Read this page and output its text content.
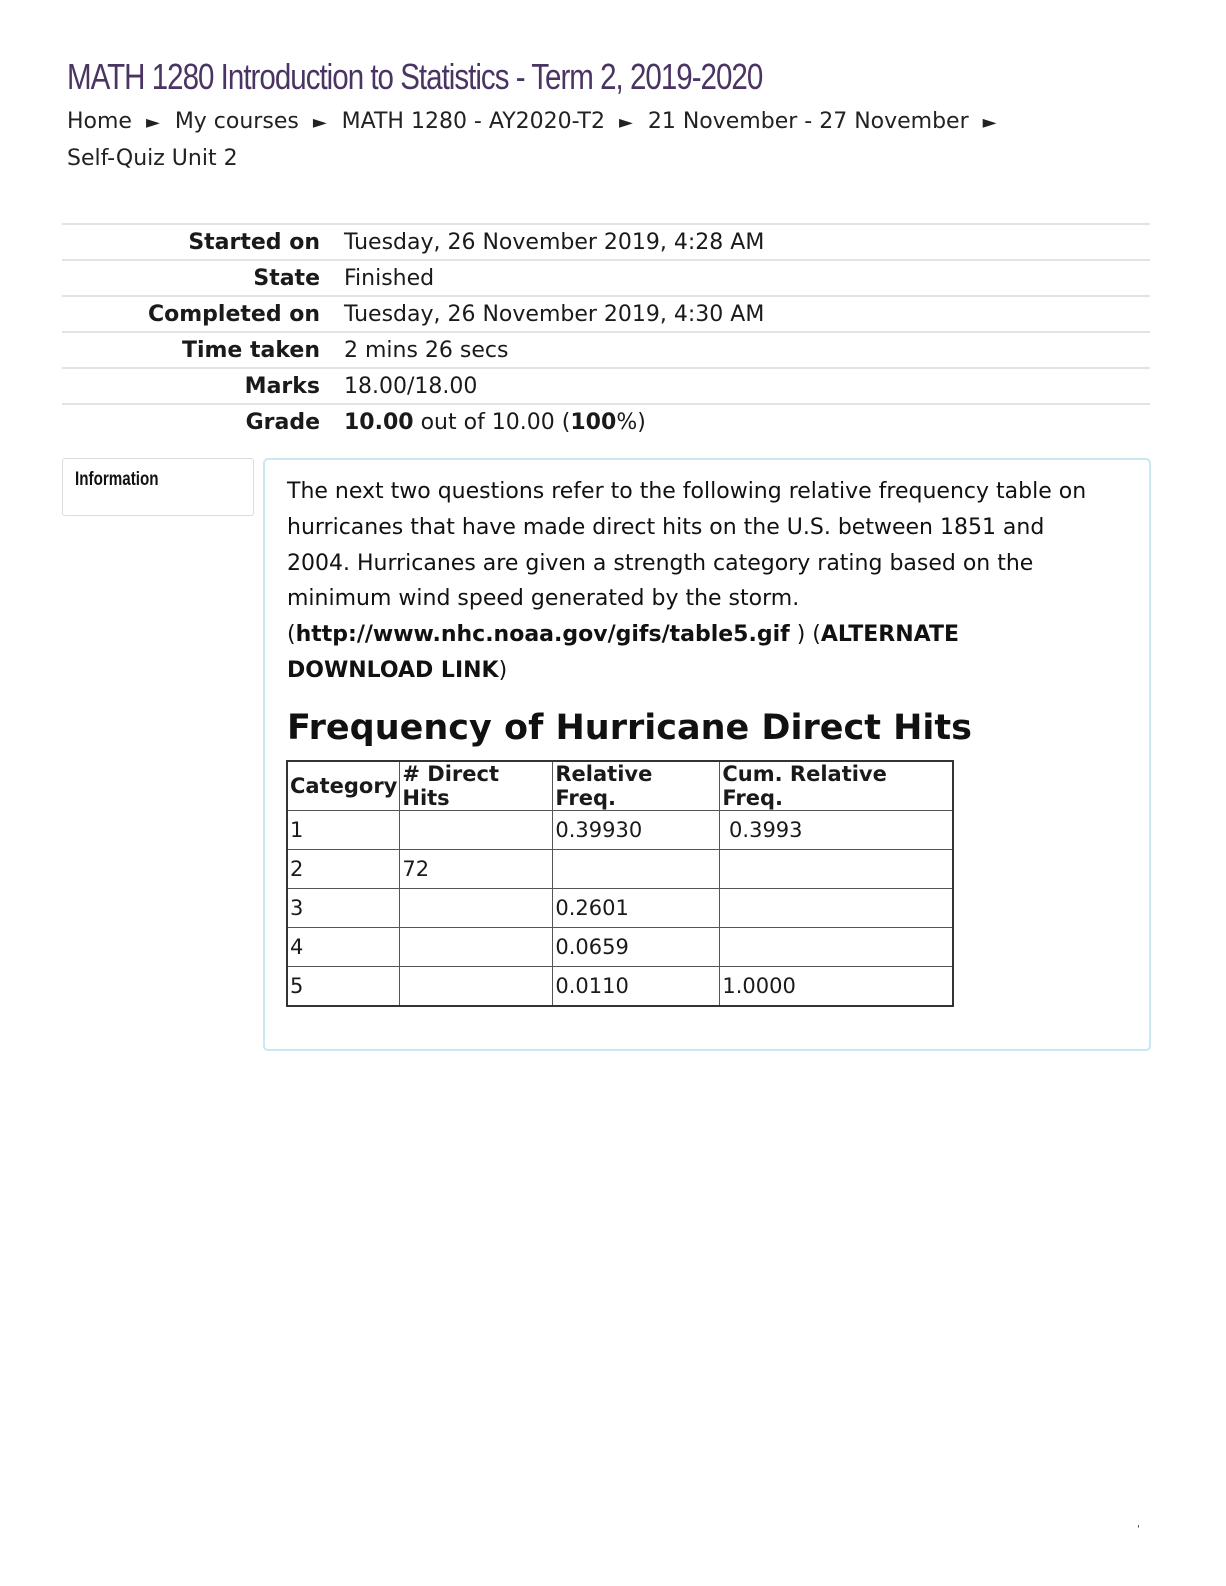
MATH 1280 Introduction to Statistics - Term 2, 2019-2020
Home ► My courses ► MATH 1280 - AY2020-T2 ► 21 November - 27 November ► Self-Quiz Unit 2
Started on	Tuesday, 26 November 2019, 4:28 AM
State	Finished
Completed on	Tuesday, 26 November 2019, 4:30 AM
Time taken	2 mins 26 secs
Marks	18.00/18.00
Grade	10.00 out of 10.00 (100%)
Information	The next two questions refer to the following relative frequency table on hurricanes that have made direct hits on the U.S. between 1851 and 2004. Hurricanes are given a strength category rating based on the minimum wind speed generated by the storm.
(http://www.nhc.noaa.gov/gifs/table5.gif ) (ALTERNATE DOWNLOAD LINK)
Frequency of Hurricane Direct Hits
Category	# Direct Hits	Relative Freq.	Cum. Relative Freq.
1		0.39930	0.3993
2	72		
3		0.2601	
4		0.0659	
5		0.0110	1.0000
'
